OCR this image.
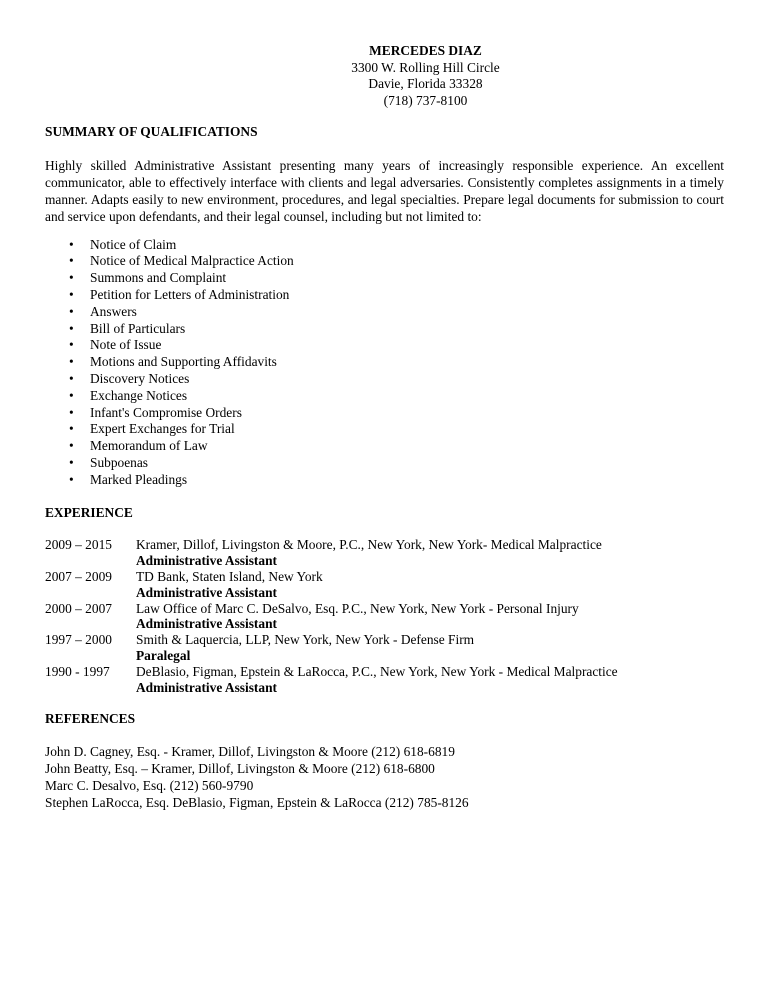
MERCEDES DIAZ
3300 W. Rolling Hill Circle
Davie, Florida 33328
(718) 737-8100
SUMMARY OF QUALIFICATIONS
Highly skilled Administrative Assistant presenting many years of increasingly responsible experience. An excellent communicator, able to effectively interface with clients and legal adversaries. Consistently completes assignments in a timely manner. Adapts easily to new environment, procedures, and legal specialties. Prepare legal documents for submission to court and service upon defendants, and their legal counsel, including but not limited to:
• Notice of Claim
• Notice of Medical Malpractice Action
• Summons and Complaint
• Petition for Letters of Administration
• Answers
• Bill of Particulars
• Note of Issue
• Motions and Supporting Affidavits
• Discovery Notices
• Exchange Notices
• Infant's Compromise Orders
• Expert Exchanges for Trial
• Memorandum of Law
• Subpoenas
• Marked Pleadings
EXPERIENCE
2009 – 2015	Kramer, Dillof, Livingston & Moore, P.C., New York, New York- Medical Malpractice
Administrative Assistant
2007 – 2009	TD Bank, Staten Island, New York
Administrative Assistant
2000 – 2007	Law Office of Marc C. DeSalvo, Esq. P.C., New York, New York - Personal Injury
Administrative Assistant
1997 – 2000	Smith & Laquercia, LLP, New York, New York - Defense Firm
Paralegal
1990 - 1997	DeBlasio, Figman, Epstein & LaRocca, P.C., New York, New York - Medical Malpractice
Administrative Assistant
REFERENCES
John D. Cagney, Esq. - Kramer, Dillof, Livingston & Moore (212) 618-6819
John Beatty, Esq. – Kramer, Dillof, Livingston & Moore (212) 618-6800
Marc C. Desalvo, Esq. (212) 560-9790
Stephen LaRocca, Esq. DeBlasio, Figman, Epstein & LaRocca (212) 785-8126
